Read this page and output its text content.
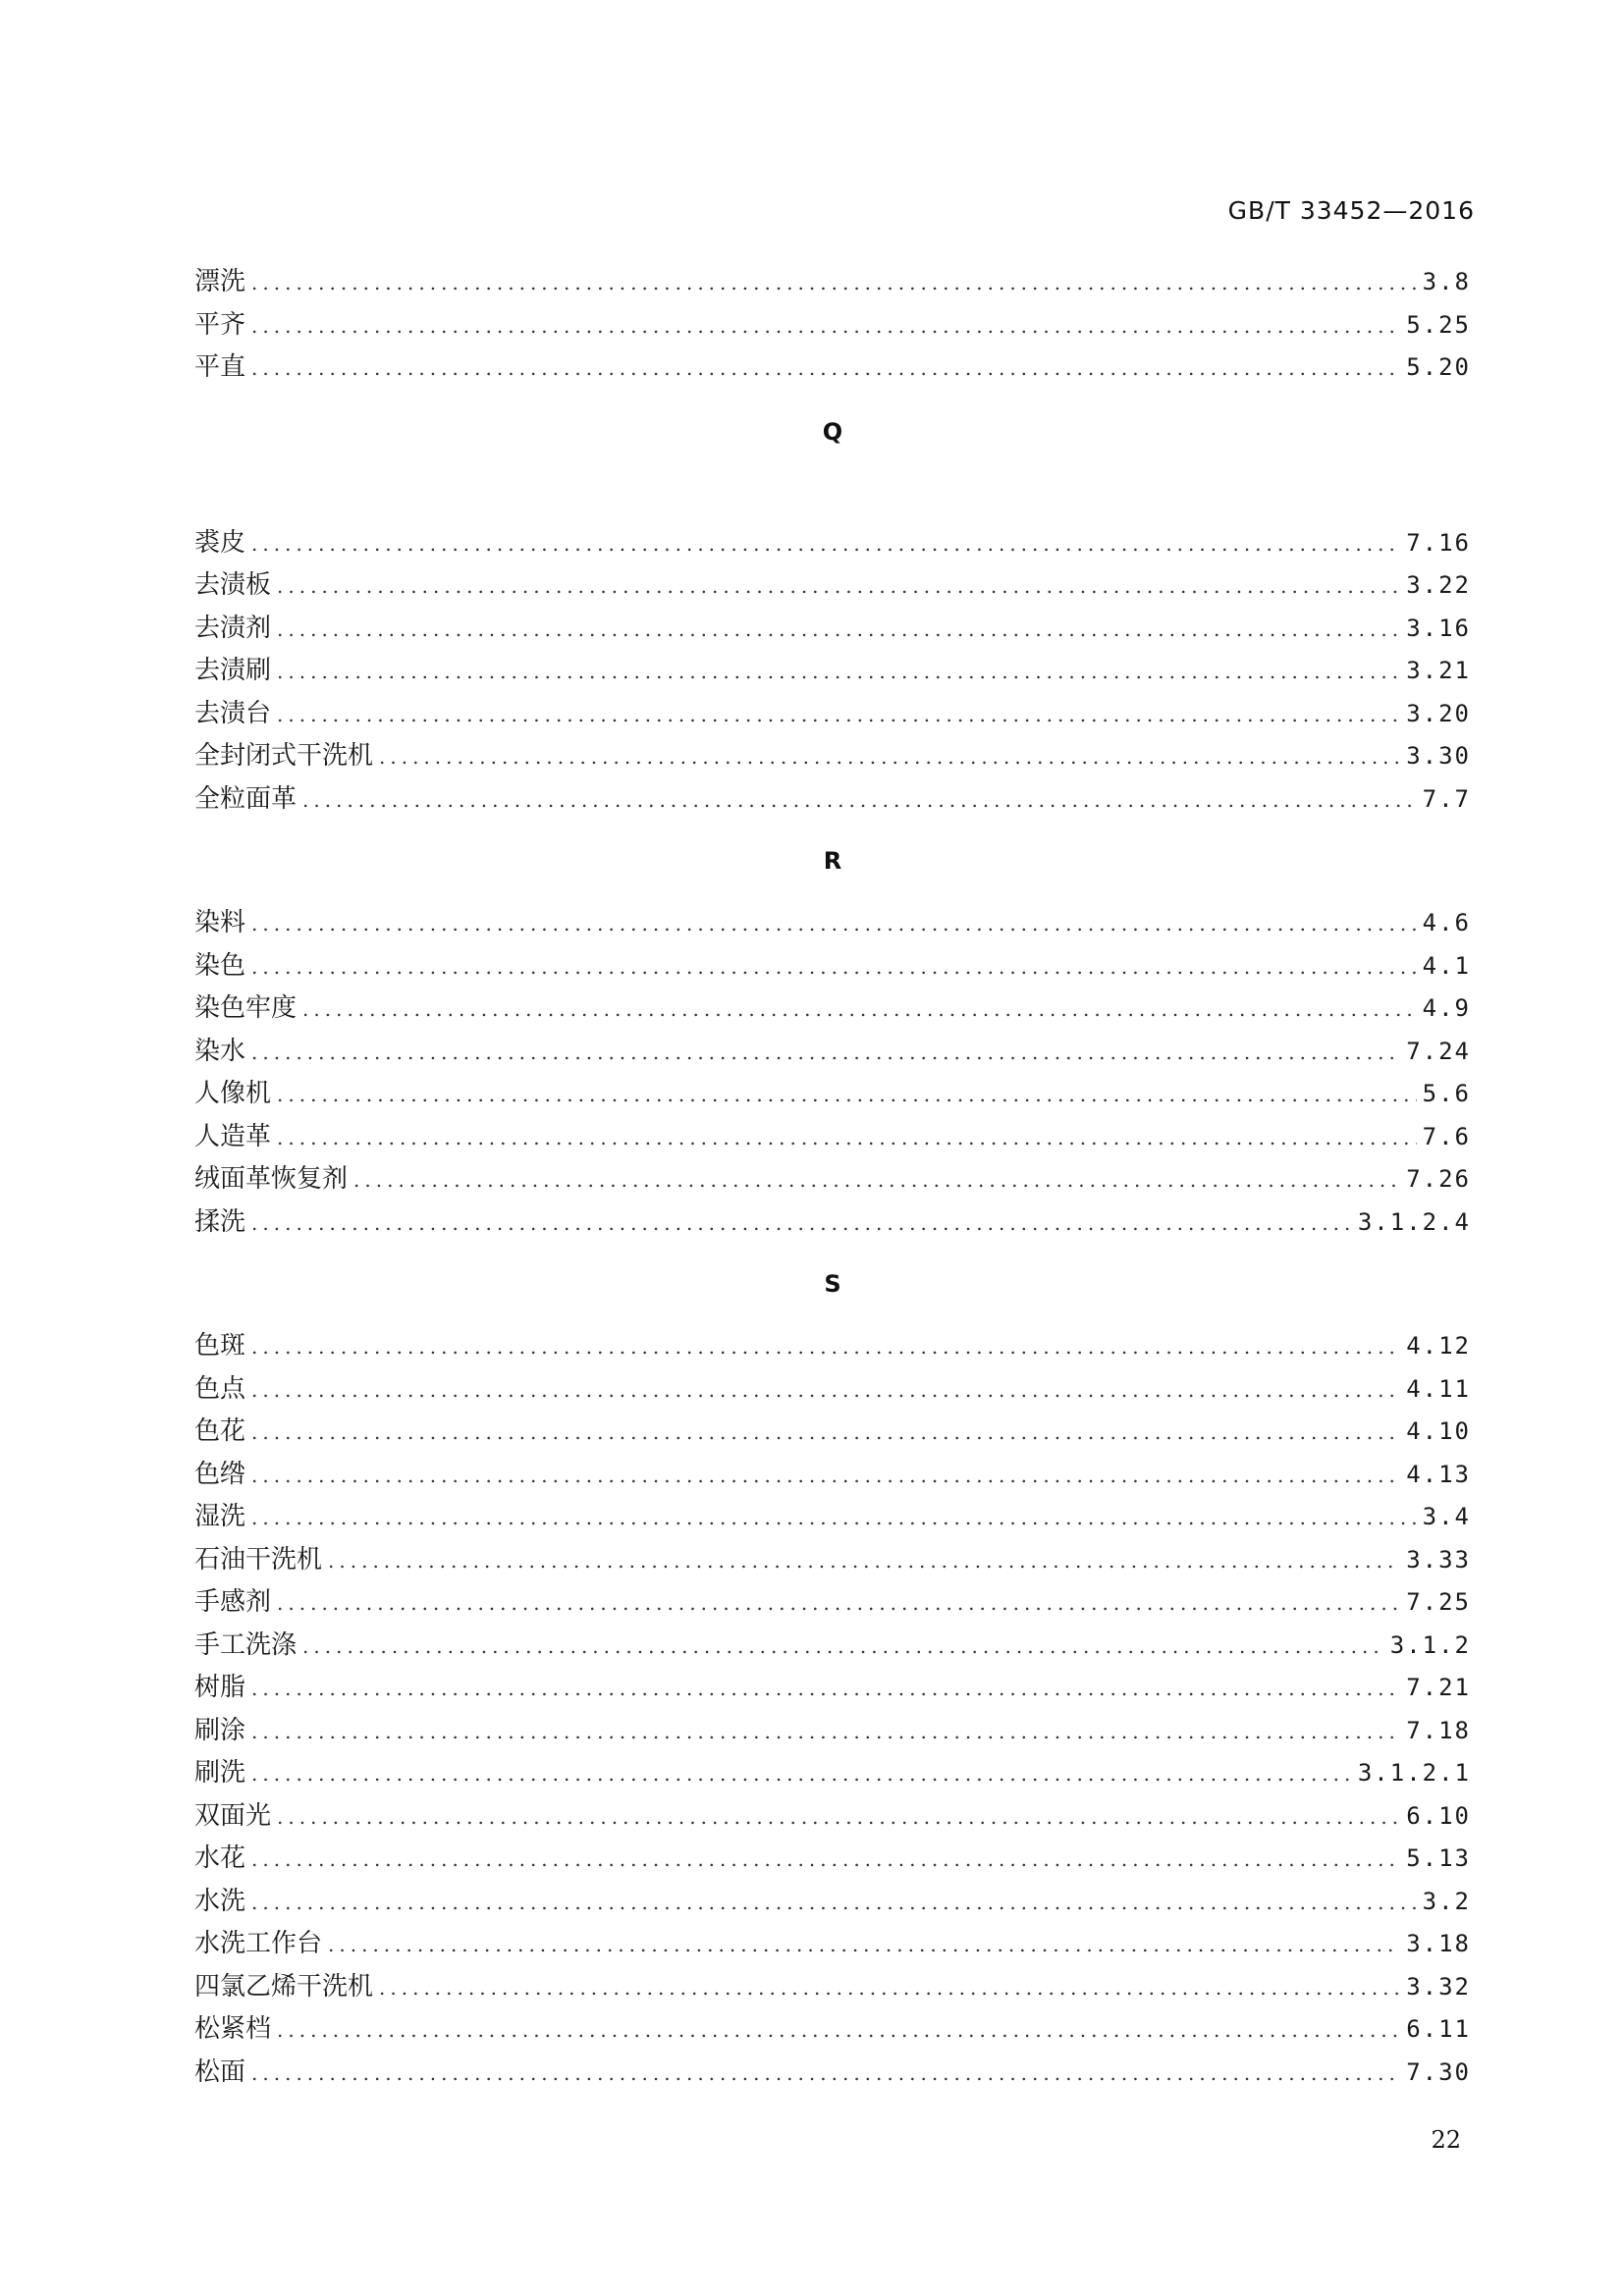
GB/T 33452—2016
漂洗 .....	3.8
平齐 .....	5.25
平直 .....	5.20
Q
裘皮 .....	7.16
去渍板 .....	3.22
去渍剂 .....	3.16
去渍刷 .....	3.21
去渍台 .....	3.20
全封闭式干洗机 .....	3.30
全粒面革 .....	7.7
R
染料 .....	4.6
染色 .....	4.1
染色牢度 .....	4.9
染水 .....	7.24
人像机 .....	5.6
人造革 .....	7.6
绒面革恢复剂 .....	7.26
揉洗 .....	3.1.2.4
S
色斑 .....	4.12
色点 .....	4.11
色花 .....	4.10
色绺 .....	4.13
湿洗 .....	3.4
石油干洗机 .....	3.33
手感剂 .....	7.25
手工洗涤 .....	3.1.2
树脂 .....	7.21
刷涂 .....	7.18
刷洗 .....	3.1.2.1
双面光 .....	6.10
水花 .....	5.13
水洗 .....	3.2
水洗工作台 .....	3.18
四氯乙烯干洗机 .....	3.32
松紧档 .....	6.11
松面 .....	7.30
22
